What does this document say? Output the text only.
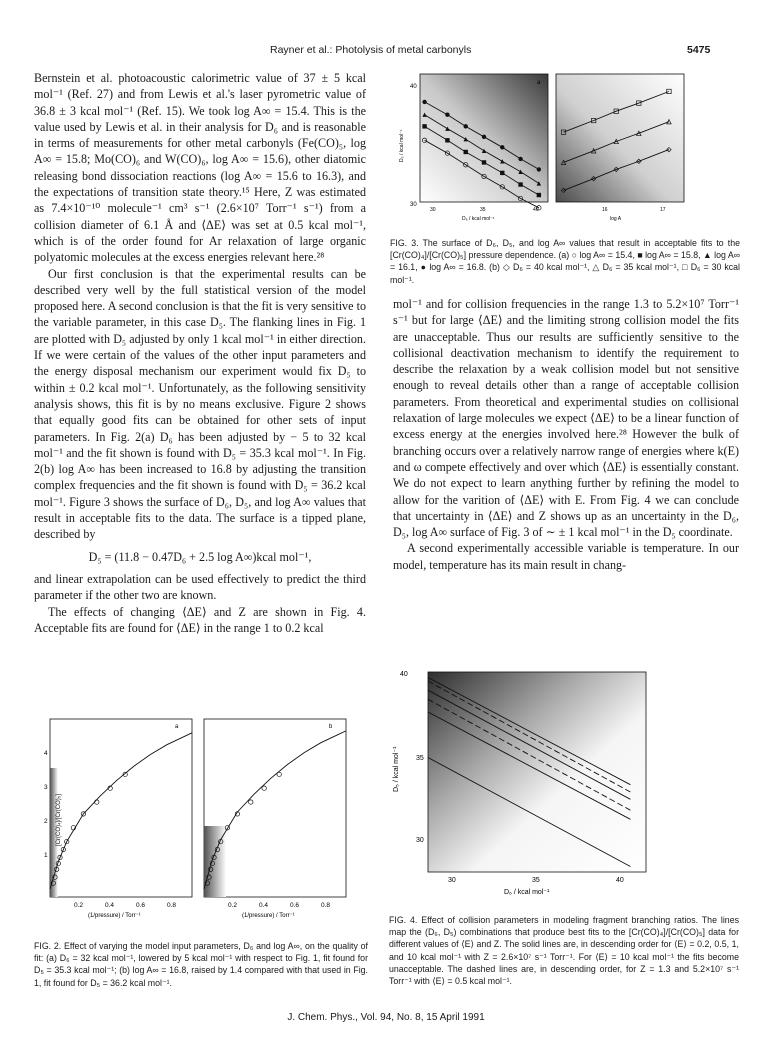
Rayner et al.: Photolysis of metal carbonyls	5475

Bernstein et al. photoacoustic calorimetric value of 37 ± 5 kcal mol⁻¹ (Ref. 27) and from Lewis et al.'s laser pyrometric value of 36.8 ± 3 kcal mol⁻¹ (Ref. 15). We took log A∞ = 15.4. This is the value used by Lewis et al. in their analysis for D₆ and is reasonable in terms of measurements for other metal carbonyls (Fe(CO)₅, log A∞ = 15.8; Mo(CO)₆ and W(CO)₆, log A∞ = 15.6), other diatomic releasing bond dissociation reactions (log A∞ = 15.6 to 16.3), and the expectations of transition state theory.¹⁵ Here, Z was estimated as 7.4×10⁻¹⁰ molecule⁻¹ cm³ s⁻¹ (2.6×10⁷ Torr⁻¹ s⁻¹) from a collision diameter of 6.1 Å and ⟨ΔE⟩ was set at 0.5 kcal mol⁻¹, which is of the order found for Ar relaxation of large organic polyatomic molecules at the excess energies relevant here.²⁸

Our first conclusion is that the experimental results can be described very well by the full statistical version of the model proposed here. A second conclusion is that the fit is very sensitive to the variable parameter, in this case D₅. The flanking lines in Fig. 1 are plotted with D₅ adjusted by only 1 kcal mol⁻¹ in either direction. If we were certain of the values of the other input parameters and the energy disposal mechanism our experiment would fix D₅ to within ± 0.2 kcal mol⁻¹. Unfortunately, as the following sensitivity analysis shows, this fit is by no means exclusive. Figure 2 shows that equally good fits can be obtained for other sets of input parameters. In Fig. 2(a) D₆ has been adjusted by − 5 to 32 kcal mol⁻¹ and the fit shown is found with D₅ = 35.3 kcal mol⁻¹. In Fig. 2(b) log A∞ has been increased to 16.8 by adjusting the transition complex frequencies and the fit shown is found with D₅ = 36.2 kcal mol⁻¹. Figure 3 shows the surface of D₆, D₅, and log A∞ values that result in acceptable fits to the data. The surface is a tipped plane, described by

D₅ = (11.8 − 0.47D₆ + 2.5 log A∞)kcal mol⁻¹,

and linear extrapolation can be used effectively to predict the third parameter if the other two are known.

The effects of changing ⟨ΔE⟩ and Z are shown in Fig. 4. Acceptable fits are found for ⟨ΔE⟩ in the range 1 to 0.2 kcal

mol⁻¹ and for collision frequencies in the range 1.3 to 5.2×10⁷ Torr⁻¹ s⁻¹ but for large ⟨ΔE⟩ and the limiting strong collision model the fits are unacceptable. Thus our results are sufficiently sensitive to the collisional deactivation mechanism to identify the requirement to describe the relaxation by a weak collision model but not sensitive enough to reveal details other than a range of acceptable collision parameters. From theoretical and experimental studies on collisional relaxation of large molecules we expect ⟨ΔE⟩ to be a linear function of excess energy at the energies involved here.²⁸ However the bulk of branching occurs over a relatively narrow range of energies where k(E) and ω compete effectively and over which ⟨ΔE⟩ is essentially constant. We do not expect to learn anything further by refining the model to allow for the varition of ⟨ΔE⟩ with E. From Fig. 4 we can conclude that uncertainty in ⟨ΔE⟩ and Z shows up as an uncertainty in the D₆, D₅, log A∞ surface of Fig. 3 of ∼ ± 1 kcal mol⁻¹ in the D₅ coordinate.

A second experimentally accessible variable is temperature. In our model, temperature has its main result in chang-

a
40
30
30	35	40	16	17
D₆ / kcal mol⁻¹	log A
D₅ / kcal mol⁻¹
FIG. 3. The surface of D₆, D₅, and log A∞ values that result in acceptable fits to the [Cr(CO)₄]/[Cr(CO)₅] pressure dependence. (a) ○ log A∞ = 15.4, ■ log A∞ = 15.8, ▲ log A∞ = 16.1, ● log A∞ = 16.8. (b) ◇ D₆ = 40 kcal mol⁻¹, △ D₆ = 35 kcal mol⁻¹, □ D₆ = 30 kcal mol⁻¹.
40
35
30
30	35	40
D₆ / kcal mol⁻¹
D₅ / kcal mol⁻¹
FIG. 4. Effect of collision parameters in modeling fragment branching ratios. The lines map the (D₆, D₅) combinations that produce best fits to the [Cr(CO)₄]/[Cr(CO)₅] data for different values of ⟨E⟩ and Z. The solid lines are, in descending order for ⟨E⟩ = 0.2, 0.5, 1, and 10 kcal mol⁻¹ with Z = 2.6×10⁷ s⁻¹ Torr⁻¹. For ⟨E⟩ = 10 kcal mol⁻¹ the fits become unacceptable. The dashed lines are, in descending order, for Z = 1.3 and 5.2×10⁷ s⁻¹ Torr⁻¹ with ⟨E⟩ = 0.5 kcal mol⁻¹.
a	b
4
3
2
1
0.2	0.4	0.6	0.8	0.2	0.4	0.6	0.8
(1/pressure) / Torr⁻¹	(1/pressure) / Torr⁻¹
[Cr(CO)₄]/[Cr(CO)₅]
FIG. 2. Effect of varying the model input parameters, D₆ and log A∞, on the quality of fit: (a) D₆ = 32 kcal mol⁻¹, lowered by 5 kcal mol⁻¹ with respect to Fig. 1, fit found for D₅ = 35.3 kcal mol⁻¹; (b) log A∞ = 16.8, raised by 1.4 compared with that used in Fig. 1, fit found for D₅ = 36.2 kcal mol⁻¹.
J. Chem. Phys., Vol. 94, No. 8, 15 April 1991
